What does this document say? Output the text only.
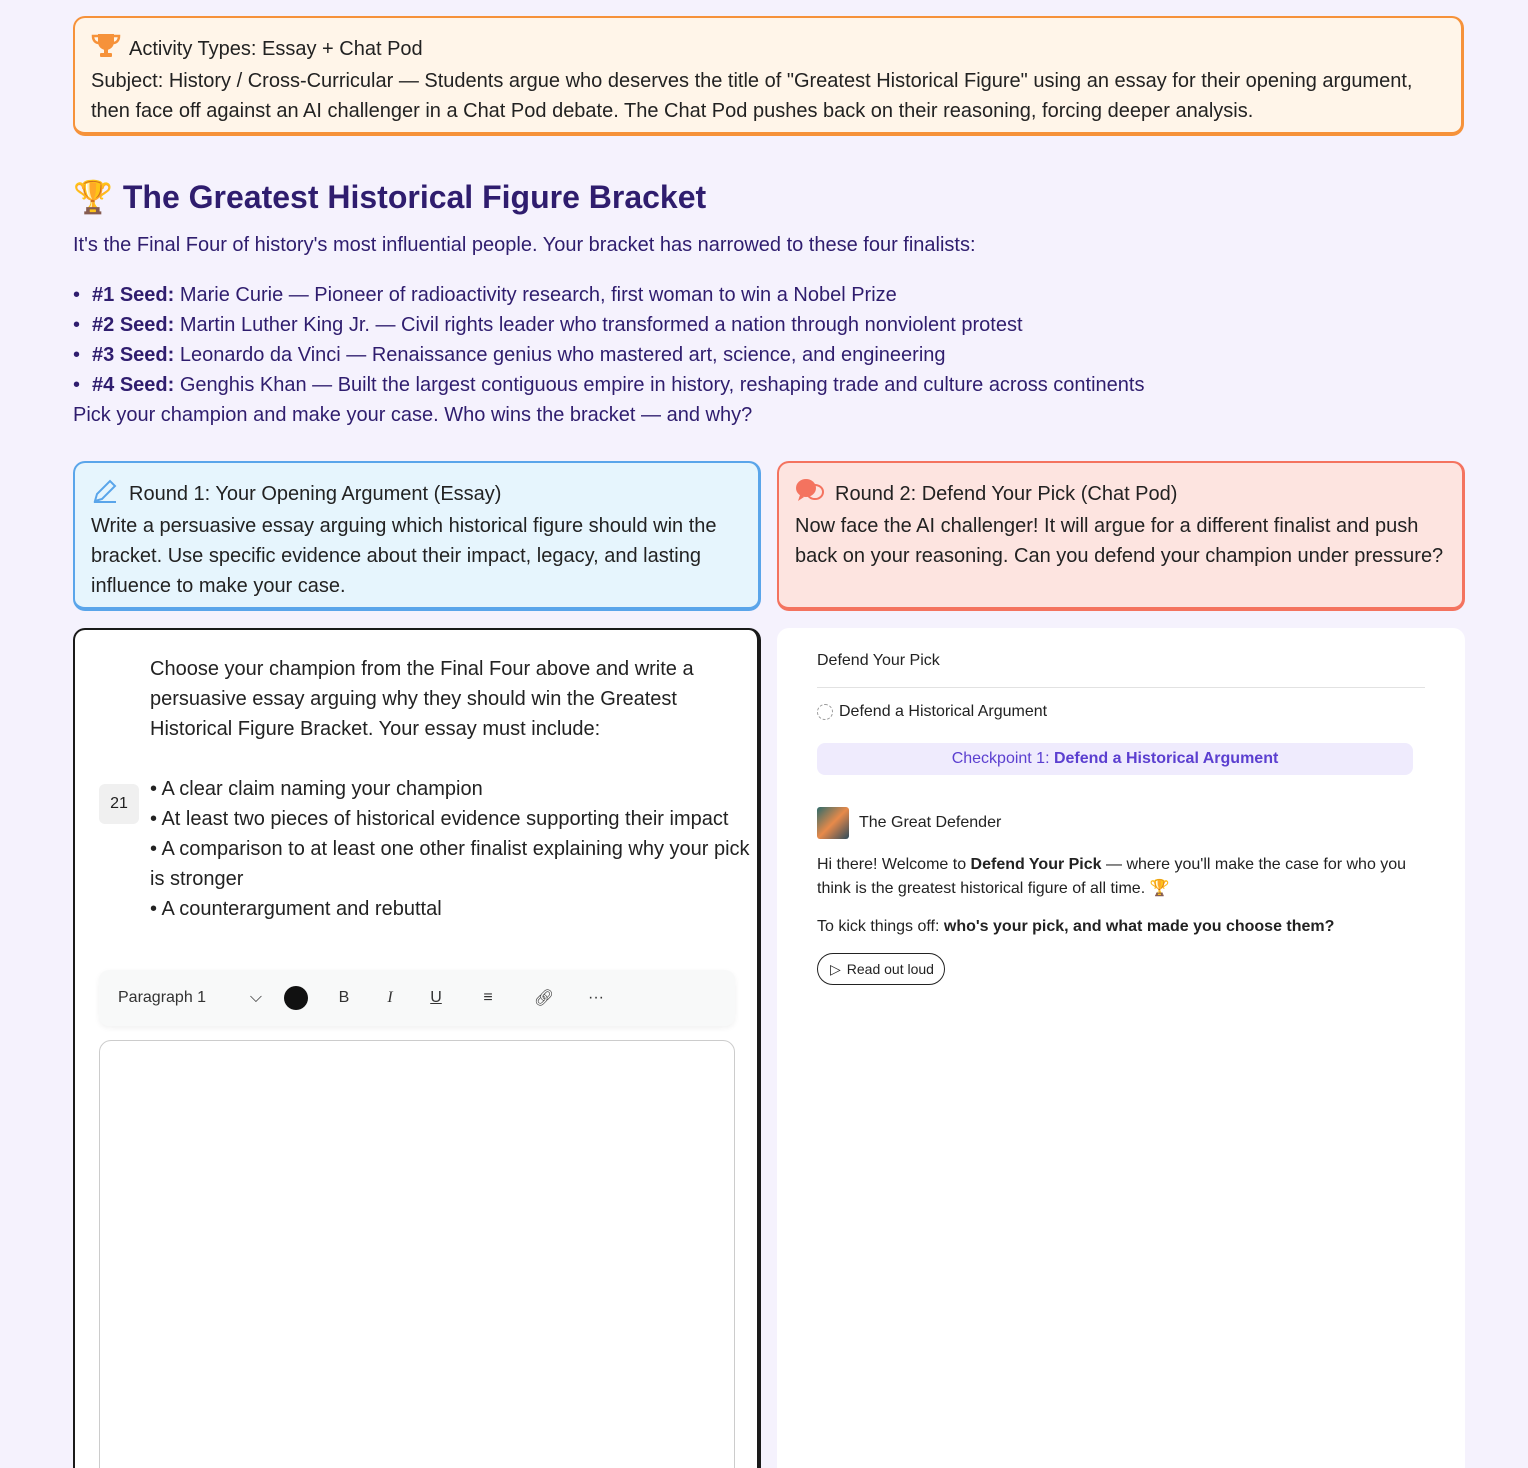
Activity Types: Essay + Chat Pod

Subject: History / Cross-Curricular — Students argue who deserves the title of "Greatest Historical Figure" using an essay for their opening argument, then face off against an AI challenger in a Chat Pod debate. The Chat Pod pushes back on their reasoning, forcing deeper analysis.

🏆 The Greatest Historical Figure Bracket

It's the Final Four of history's most influential people. Your bracket has narrowed to these four finalists:

• #1 Seed: Marie Curie — Pioneer of radioactivity research, first woman to win a Nobel Prize
• #2 Seed: Martin Luther King Jr. — Civil rights leader who transformed a nation through nonviolent protest
• #3 Seed: Leonardo da Vinci — Renaissance genius who mastered art, science, and engineering
• #4 Seed: Genghis Khan — Built the largest contiguous empire in history, reshaping trade and culture across continents

Pick your champion and make your case. Who wins the bracket — and why?

Round 1: Your Opening Argument (Essay)

Write a persuasive essay arguing which historical figure should win the bracket. Use specific evidence about their impact, legacy, and lasting influence to make your case.

Round 2: Defend Your Pick (Chat Pod)

Now face the AI challenger! It will argue for a different finalist and push back on your reasoning. Can you defend your champion under pressure?

Choose your champion from the Final Four above and write a persuasive essay arguing why they should win the Greatest Historical Figure Bracket. Your essay must include:

• A clear claim naming your champion

• At least two pieces of historical evidence supporting their impact

• A comparison to at least one other finalist explaining why your pick is stronger

• A counterargument and rebuttal

21
Paragraph 1	⌵	B	I	U	≡	🔗︎ ···
Defend Your Pick
Defend a Historical Argument
Checkpoint 1: Defend a Historical Argument
The Great Defender

Hi there! Welcome to Defend Your Pick — where you'll make the case for who you think is the greatest historical figure of all time. 🏆

To kick things off: who's your pick, and what made you choose them?

▷ Read out loud
